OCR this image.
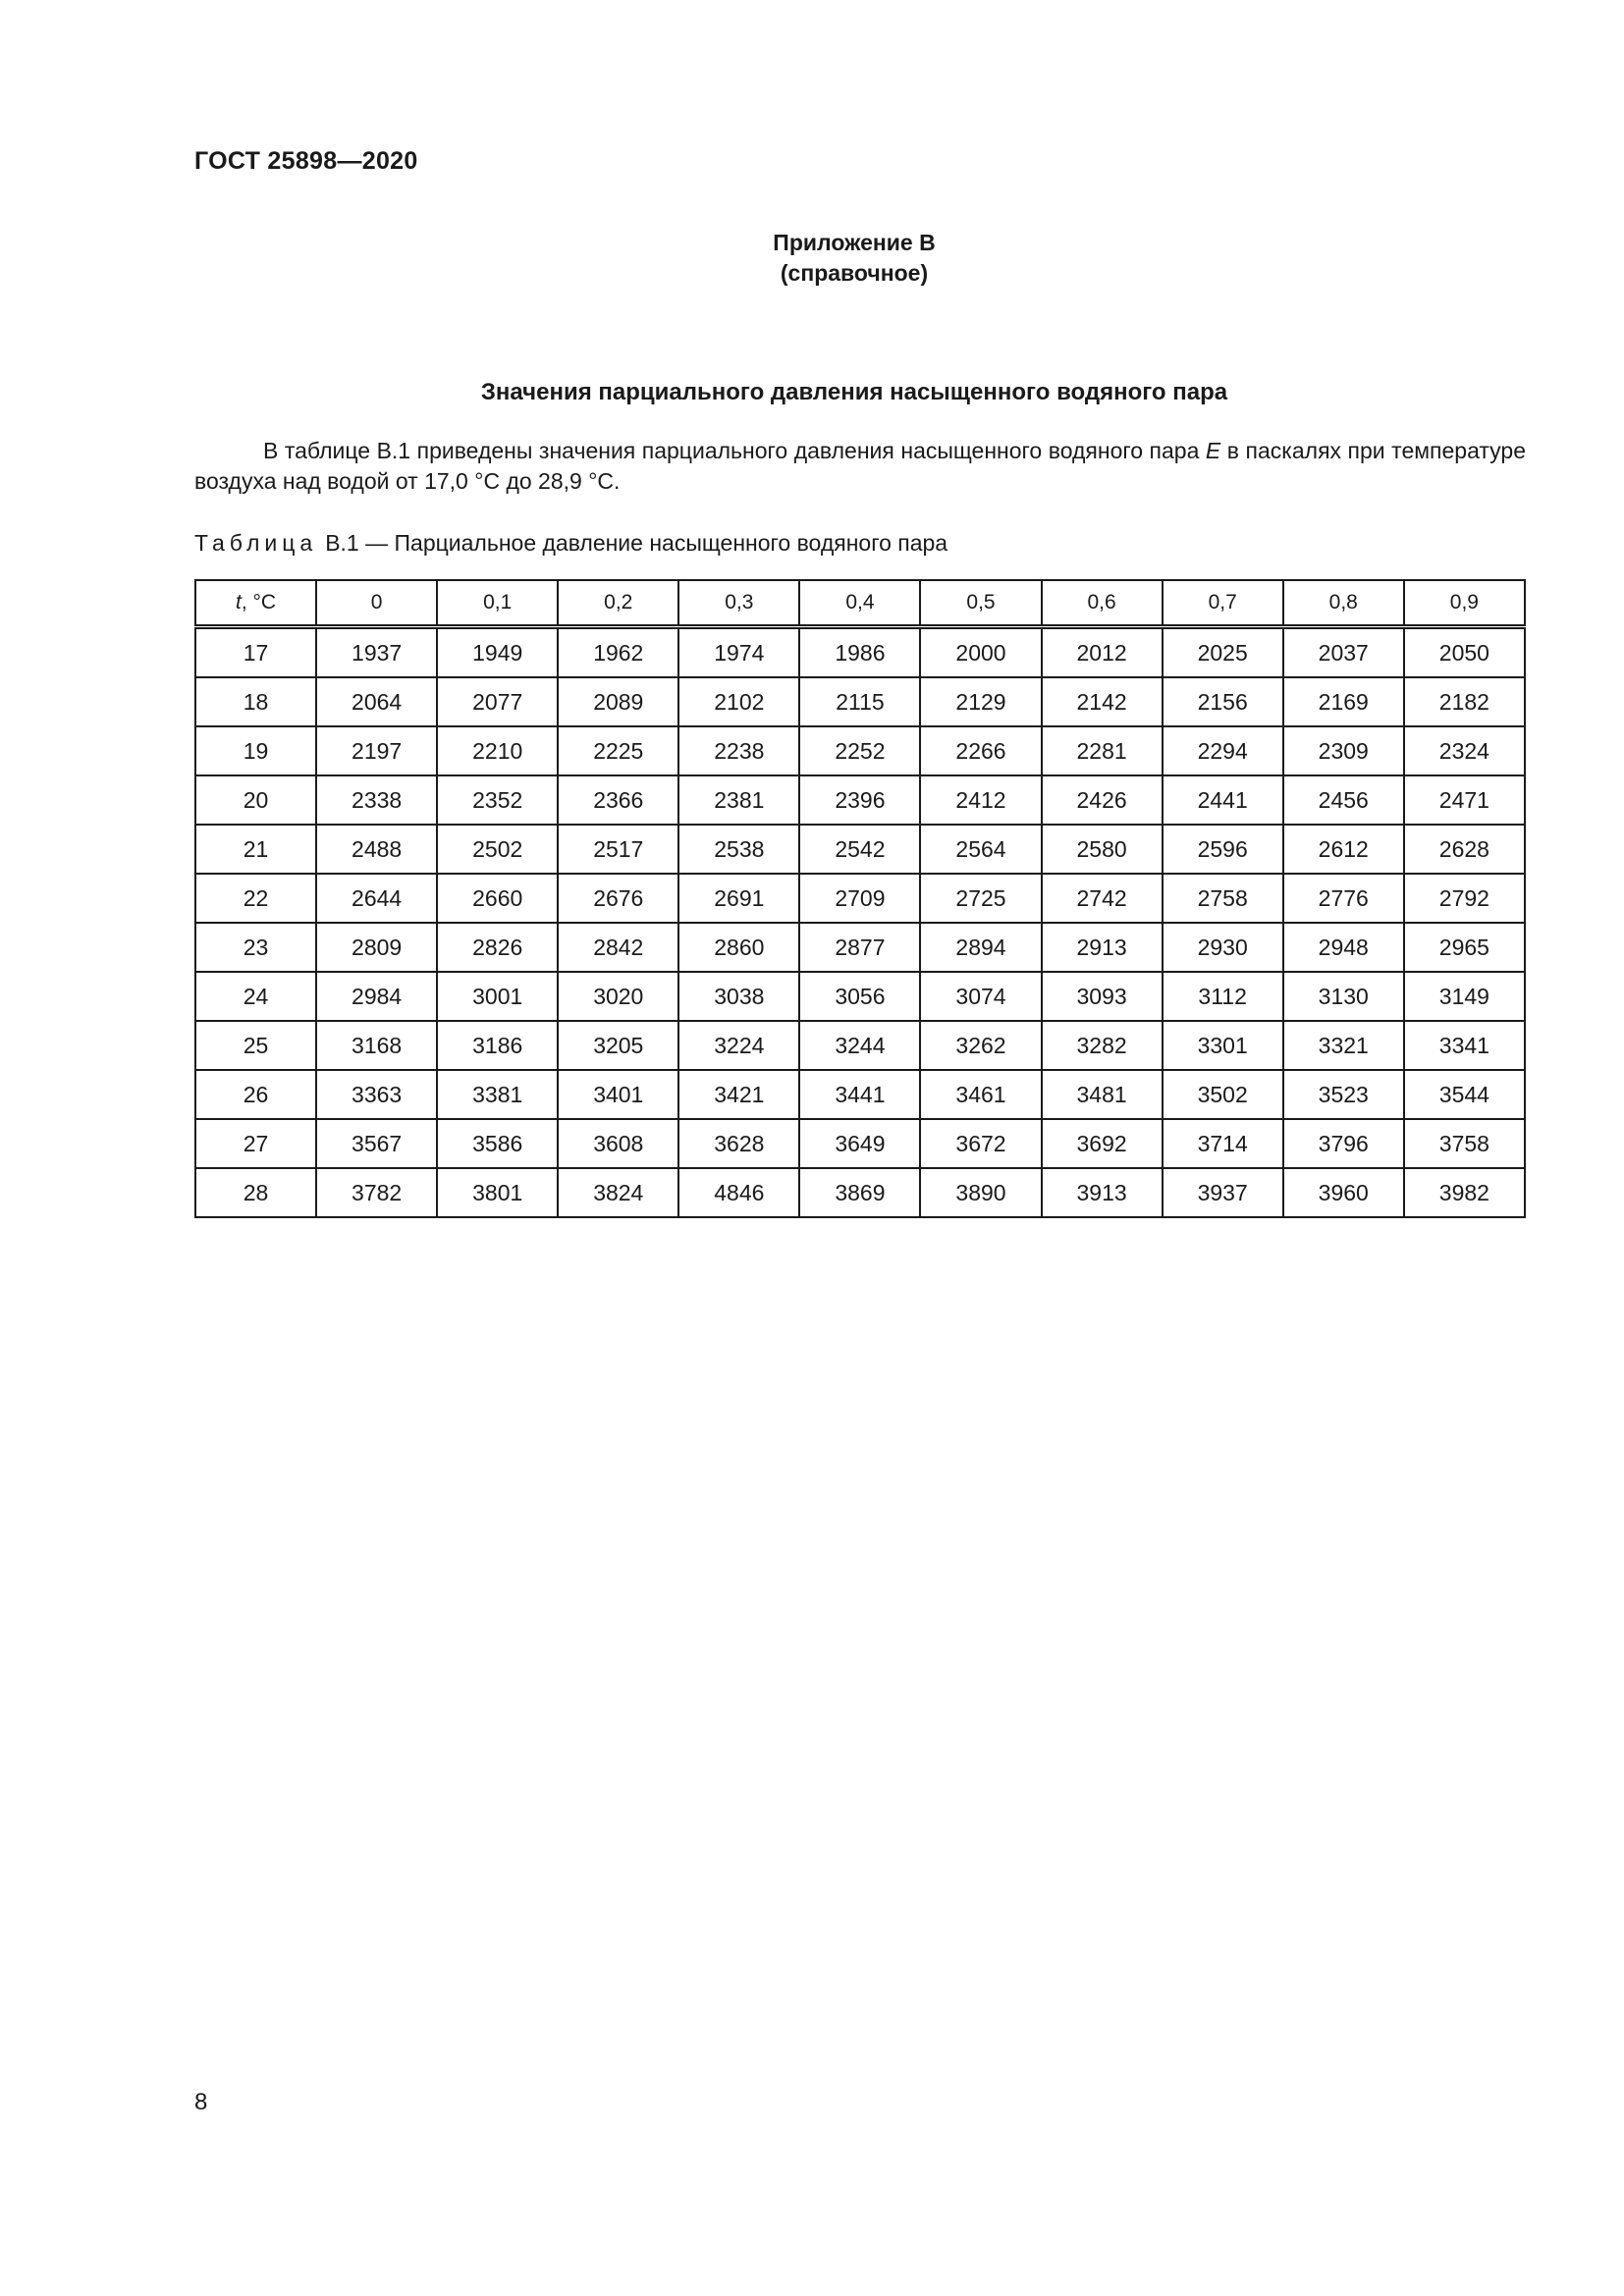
ГОСТ 25898—2020
Приложение В
(справочное)
Значения парциального давления насыщенного водяного пара

В таблице В.1 приведены значения парциального давления насыщенного водяного пара E в паскалях при температуре воздуха над водой от 17,0 °С до 28,9 °С.

Таблица В.1 — Парциальное давление насыщенного водяного пара
t, °С	0	0,1	0,2	0,3	0,4	0,5	0,6	0,7	0,8	0,9
17	1937	1949	1962	1974	1986	2000	2012	2025	2037	2050
18	2064	2077	2089	2102	2115	2129	2142	2156	2169	2182
19	2197	2210	2225	2238	2252	2266	2281	2294	2309	2324
20	2338	2352	2366	2381	2396	2412	2426	2441	2456	2471
21	2488	2502	2517	2538	2542	2564	2580	2596	2612	2628
22	2644	2660	2676	2691	2709	2725	2742	2758	2776	2792
23	2809	2826	2842	2860	2877	2894	2913	2930	2948	2965
24	2984	3001	3020	3038	3056	3074	3093	3112	3130	3149
25	3168	3186	3205	3224	3244	3262	3282	3301	3321	3341
26	3363	3381	3401	3421	3441	3461	3481	3502	3523	3544
27	3567	3586	3608	3628	3649	3672	3692	3714	3796	3758
28	3782	3801	3824	4846	3869	3890	3913	3937	3960	3982
8
